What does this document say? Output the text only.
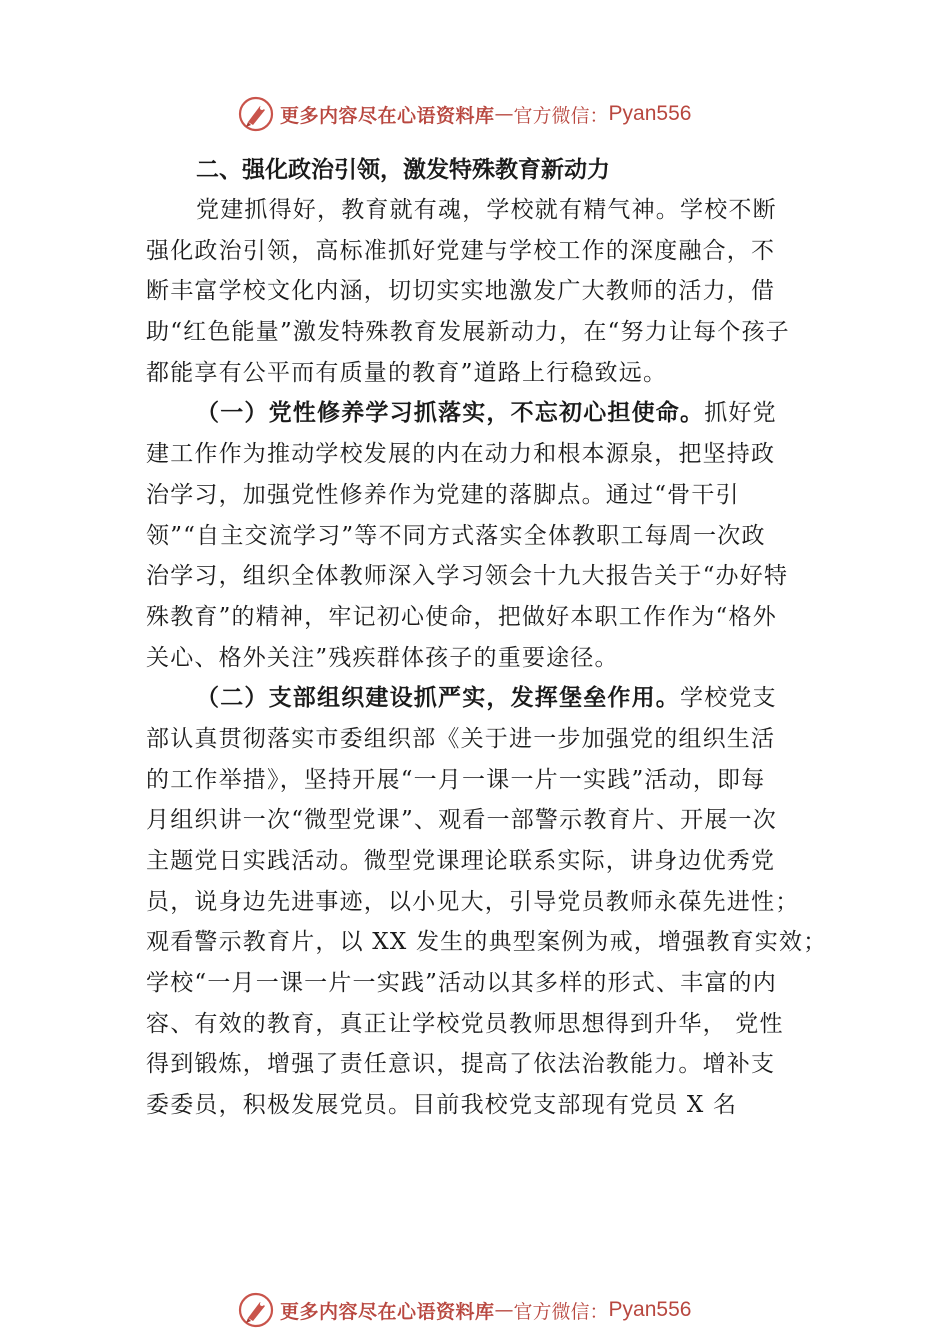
更多内容尽在心语资料库 — 官方微信： Pyan556
二、强化政治引领，激发特殊教育新动力
党建抓得好，教育就有魂，学校就有精气神。学校不断
强化政治引领，高标准抓好党建与学校工作的深度融合，不
断丰富学校文化内涵，切切实实地激发广大教师的活力，借
助“红色能量”激发特殊教育发展新动力，在“努力让每个孩子
都能享有公平而有质量的教育”道路上行稳致远。
（一）党性修养学习抓落实，不忘初心担使命。抓好党
建工作作为推动学校发展的内在动力和根本源泉，把坚持政
治学习，加强党性修养作为党建的落脚点。通过“骨干引
领”“自主交流学习”等不同方式落实全体教职工每周一次政
治学习，组织全体教师深入学习领会十九大报告关于“办好特
殊教育”的精神，牢记初心使命，把做好本职工作作为“格外
关心、格外关注”残疾群体孩子的重要途径。
（二）支部组织建设抓严实，发挥堡垒作用。学校党支
部认真贯彻落实市委组织部《关于进一步加强党的组织生活
的工作举措》，坚持开展“一月一课一片一实践”活动，即每
月组织讲一次“微型党课”、观看一部警示教育片、开展一次
主题党日实践活动。微型党课理论联系实际，讲身边优秀党
员，说身边先进事迹，以小见大，引导党员教师永葆先进性；
观看警示教育片，以 XX 发生的典型案例为戒，增强教育实效；
学校“一月一课一片一实践”活动以其多样的形式、丰富的内
容、有效的教育，真正让学校党员教师思想得到升华， 党性
得到锻炼，增强了责任意识，提高了依法治教能力。增补支
委委员，积极发展党员。目前我校党支部现有党员 X 名
更多内容尽在心语资料库 — 官方微信： Pyan556
